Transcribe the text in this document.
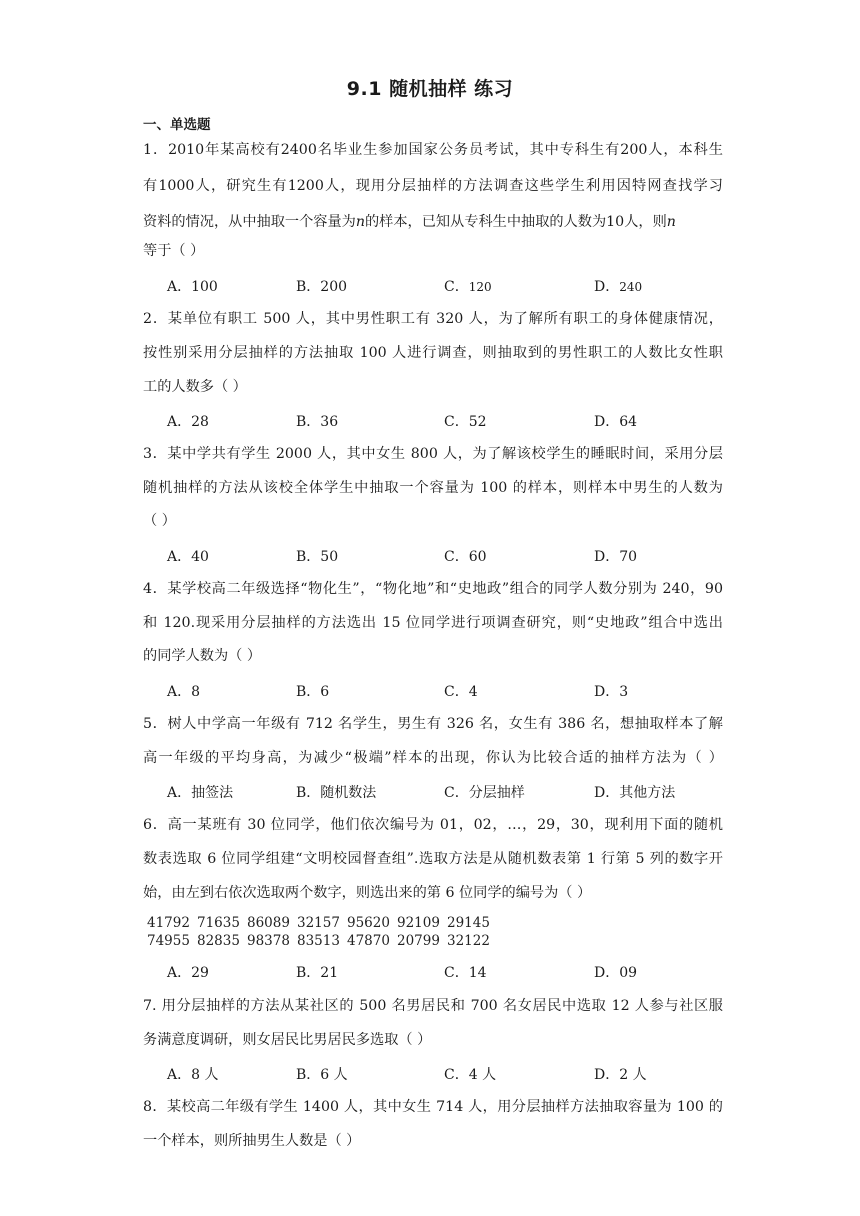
9.1 随机抽样 练习
一、单选题
1．2010年某高校有2400名毕业生参加国家公务员考试，其中专科生有200人，本科生
有1000人，研究生有1200人，现用分层抽样的方法调查这些学生利用因特网查找学习
资料的情况，从中抽取一个容量为n的样本，已知从专科生中抽取的人数为10人，则n
等于（ ）
A．100	B．200	C．120	D．240
2．某单位有职工 500 人，其中男性职工有 320 人，为了解所有职工的身体健康情况，
按性别采用分层抽样的方法抽取 100 人进行调查，则抽取到的男性职工的人数比女性职
工的人数多（ ）
A．28	B．36	C．52	D．64
3．某中学共有学生 2000 人，其中女生 800 人，为了解该校学生的睡眠时间，采用分层
随机抽样的方法从该校全体学生中抽取一个容量为 100 的样本，则样本中男生的人数为
（ ）
A．40	B．50	C．60	D．70
4．某学校高二年级选择“物化生”，“物化地”和“史地政”组合的同学人数分别为 240，90
和 120.现采用分层抽样的方法选出 15 位同学进行项调查研究，则“史地政”组合中选出
的同学人数为（ ）
A．8	B．6	C．4	D．3
5．树人中学高一年级有 712 名学生，男生有 326 名，女生有 386 名，想抽取样本了解
高一年级的平均身高，为减少“极端”样本的出现，你认为比较合适的抽样方法为（ ）
A．抽签法	B．随机数法	C．分层抽样	D．其他方法
6．高一某班有 30 位同学，他们依次编号为 01，02，…，29，30，现利用下面的随机
数表选取 6 位同学组建“文明校园督查组”.选取方法是从随机数表第 1 行第 5 列的数字开
始，由左到右依次选取两个数字，则选出来的第 6 位同学的编号为（ ）
41792 71635 86089 32157 95620 92109 29145
74955 82835 98378 83513 47870 20799 32122
A．29	B．21	C．14	D．09
7. 用分层抽样的方法从某社区的 500 名男居民和 700 名女居民中选取 12 人参与社区服
务满意度调研，则女居民比男居民多选取（ ）
A．8 人	B．6 人	C．4 人	D．2 人
8．某校高二年级有学生 1400 人，其中女生 714 人，用分层抽样方法抽取容量为 100 的
一个样本，则所抽男生人数是（ ）
